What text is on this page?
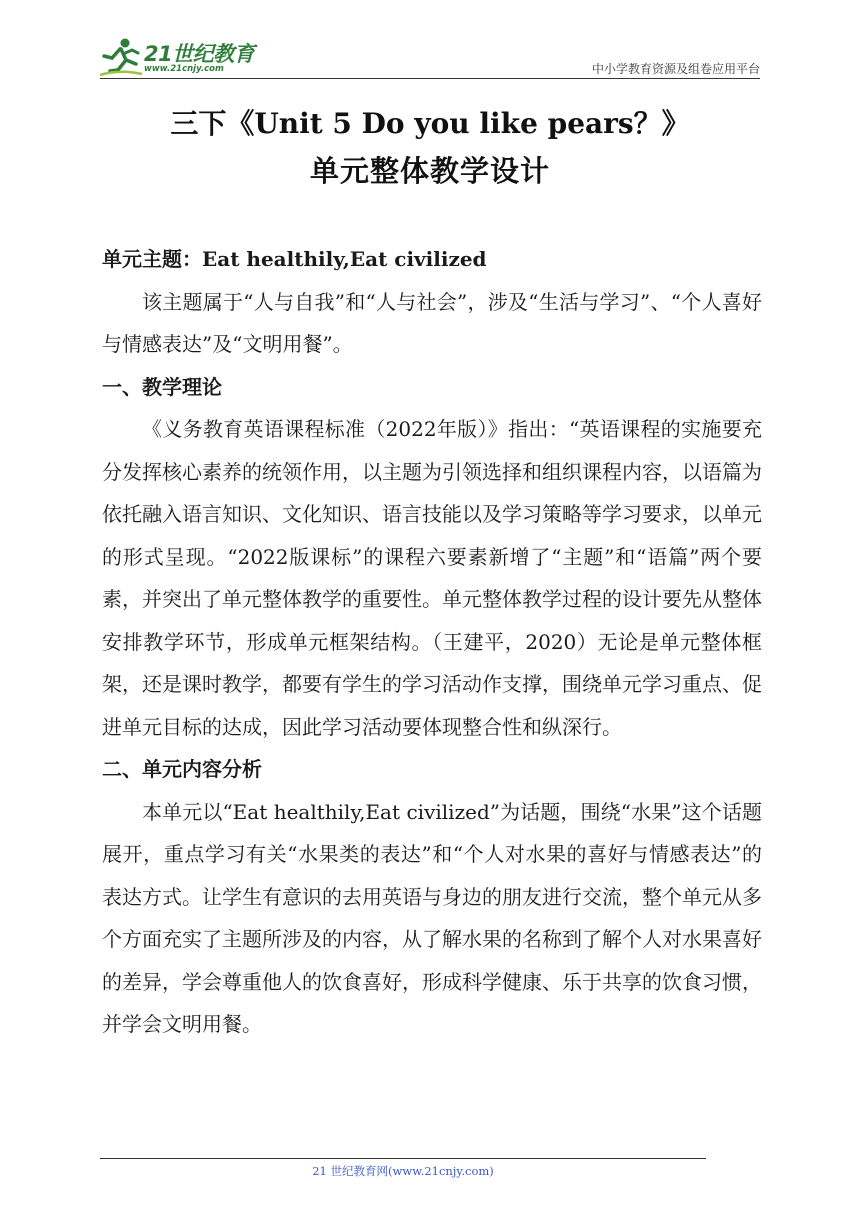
21世纪教育
www.21cnjy.com	中小学教育资源及组卷应用平台
三下《Unit 5 Do you like pears？》
单元整体教学设计

单元主题：Eat healthily,Eat civilized

该主题属于“人与自我”和“人与社会”，涉及“生活与学习”、“个人喜好与情感表达”及“文明用餐”。

一、教学理论

《义务教育英语课程标准（2022年版）》指出：“英语课程的实施要充分发挥核心素养的统领作用，以主题为引领选择和组织课程内容，以语篇为依托融入语言知识、文化知识、语言技能以及学习策略等学习要求，以单元的形式呈现。“2022版课标”的课程六要素新增了“主题”和“语篇”两个要素，并突出了单元整体教学的重要性。单元整体教学过程的设计要先从整体安排教学环节，形成单元框架结构。（王建平，2020）无论是单元整体框架，还是课时教学，都要有学生的学习活动作支撑，围绕单元学习重点、促进单元目标的达成，因此学习活动要体现整合性和纵深行。

二、单元内容分析

本单元以“Eat healthily,Eat civilized”为话题，围绕“水果”这个话题展开，重点学习有关“水果类的表达”和“个人对水果的喜好与情感表达”的表达方式。让学生有意识的去用英语与身边的朋友进行交流，整个单元从多个方面充实了主题所涉及的内容，从了解水果的名称到了解个人对水果喜好的差异，学会尊重他人的饮食喜好，形成科学健康、乐于共享的饮食习惯，并学会文明用餐。

21 世纪教育网(www.21cnjy.com)
